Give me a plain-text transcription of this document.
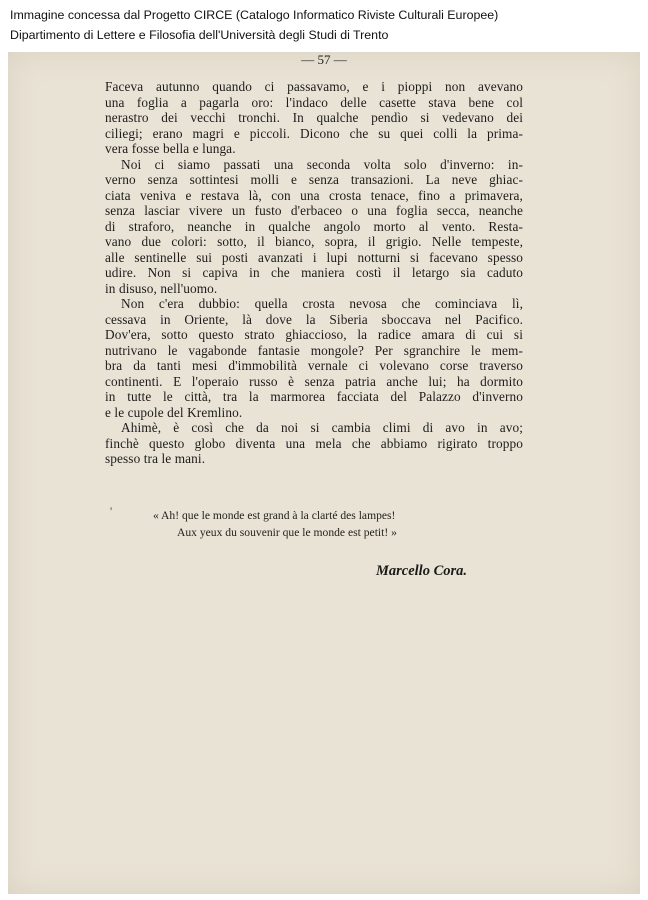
Immagine concessa dal Progetto CIRCE (Catalogo Informatico Riviste Culturali Europee)
Dipartimento di Lettere e Filosofia dell'Università degli Studi di Trento
— 57 —
Faceva autunno quando ci passavamo, e i pioppi non avevano
una foglia a pagarla oro: l'indaco delle casette stava bene col
nerastro dei vecchi tronchi. In qualche pendìo si vedevano dei
ciliegi; erano magri e piccoli. Dicono che su quei colli la prima-
vera fosse bella e lunga.
Noi ci siamo passati una seconda volta solo d'inverno: in-
verno senza sottintesi molli e senza transazioni. La neve ghiac-
ciata veniva e restava là, con una crosta tenace, fino a primavera,
senza lasciar vivere un fusto d'erbaceo o una foglia secca, neanche
di straforo, neanche in qualche angolo morto al vento. Resta-
vano due colori: sotto, il bianco, sopra, il grigio. Nelle tempeste,
alle sentinelle sui posti avanzati i lupi notturni si facevano spesso
udire. Non si capiva in che maniera costì il letargo sia caduto
in disuso, nell'uomo.
Non c'era dubbio: quella crosta nevosa che cominciava lì,
cessava in Oriente, là dove la Siberia sboccava nel Pacifico.
Dov'era, sotto questo strato ghiaccioso, la radice amara di cui si
nutrivano le vagabonde fantasie mongole? Per sgranchire le mem-
bra da tanti mesi d'immobilità vernale ci volevano corse traverso
continenti. E l'operaio russo è senza patria anche lui; ha dormito
in tutte le città, tra la marmorea facciata del Palazzo d'inverno
e le cupole del Kremlino.
Ahimè, è così che da noi si cambia climi di avo in avo;
finchè questo globo diventa una mela che abbiamo rigirato troppo
spesso tra le mani.
'	« Ah! que le monde est grand à la clarté des lampes!
Aux yeux du souvenir que le monde est petit! »
Marcello Cora.
